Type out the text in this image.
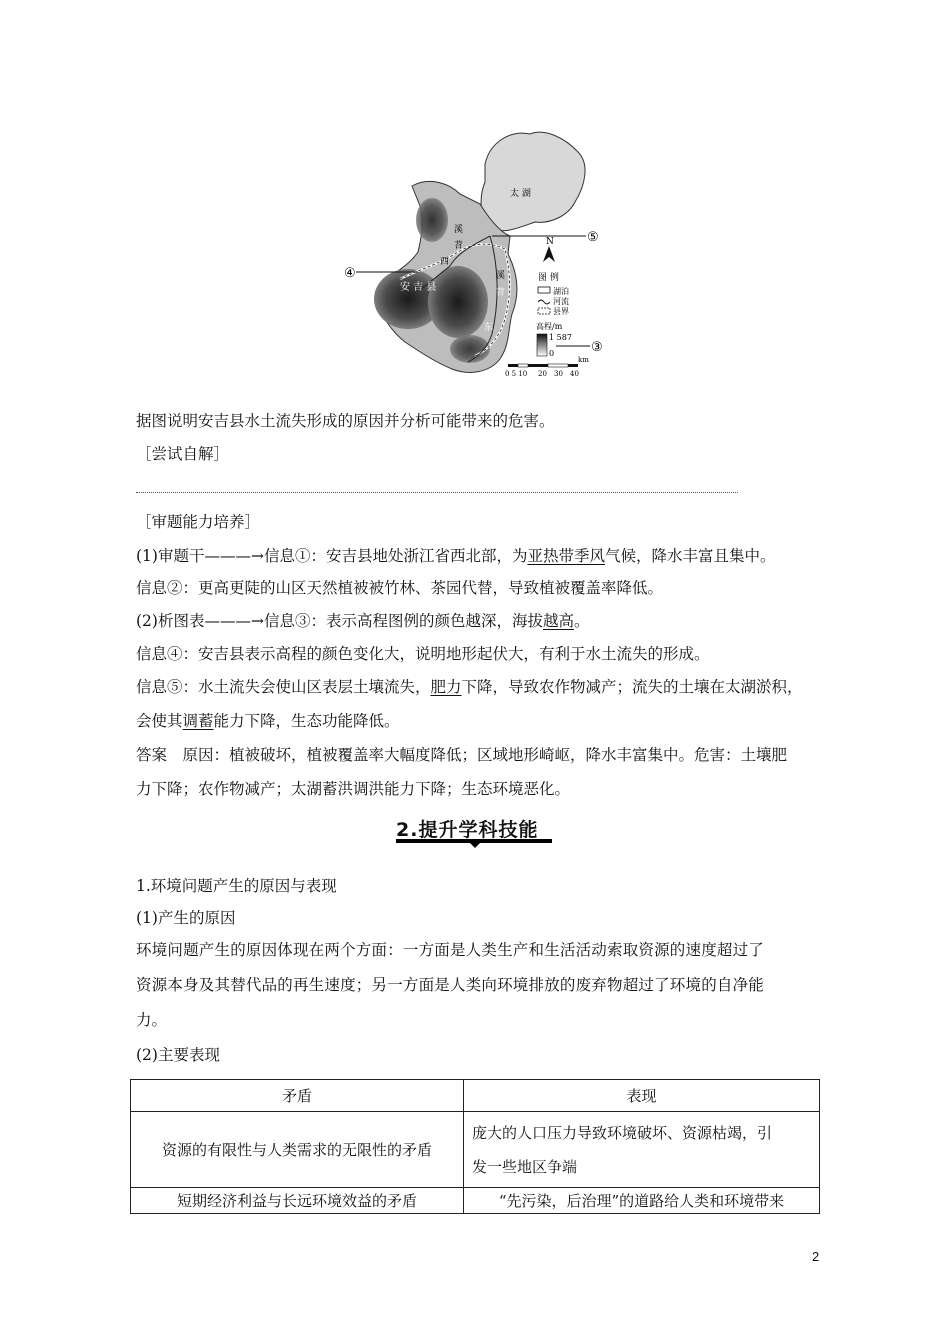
④
⑤
③
太 湖
溪
苕
西
溪
苕
东
安 吉 县
N
图 例
湖泊
河流
县界
高程/m
1 587
0
km
0 5 10 20 30 40
据图说明安吉县水土流失形成的原因并分析可能带来的危害。
［尝试自解］
［审题能力培养］
(1)审题干———→信息①：安吉县地处浙江省西北部，为亚热带季风气候，降水丰富且集中。
信息②：更高更陡的山区天然植被被竹林、茶园代替，导致植被覆盖率降低。
(2)析图表———→信息③：表示高程图例的颜色越深，海拔越高。
信息④：安吉县表示高程的颜色变化大，说明地形起伏大，有利于水土流失的形成。
信息⑤：水土流失会使山区表层土壤流失，肥力下降，导致农作物减产；流失的土壤在太湖淤积，
会使其调蓄能力下降，生态功能降低。
答案　原因：植被破坏，植被覆盖率大幅度降低；区域地形崎岖，降水丰富集中。危害：土壤肥
力下降；农作物减产；太湖蓄洪调洪能力下降；生态环境恶化。
2.提升学科技能
1.环境问题产生的原因与表现
(1)产生的原因
环境问题产生的原因体现在两个方面：一方面是人类生产和生活活动索取资源的速度超过了
资源本身及其替代品的再生速度；另一方面是人类向环境排放的废弃物超过了环境的自净能
力。
(2)主要表现
矛盾	表现
资源的有限性与人类需求的无限性的矛盾	庞大的人口压力导致环境破坏、资源枯竭，引
发一些地区争端

短期经济利益与长远环境效益的矛盾	“先污染，后治理”的道路给人类和环境带来
2
